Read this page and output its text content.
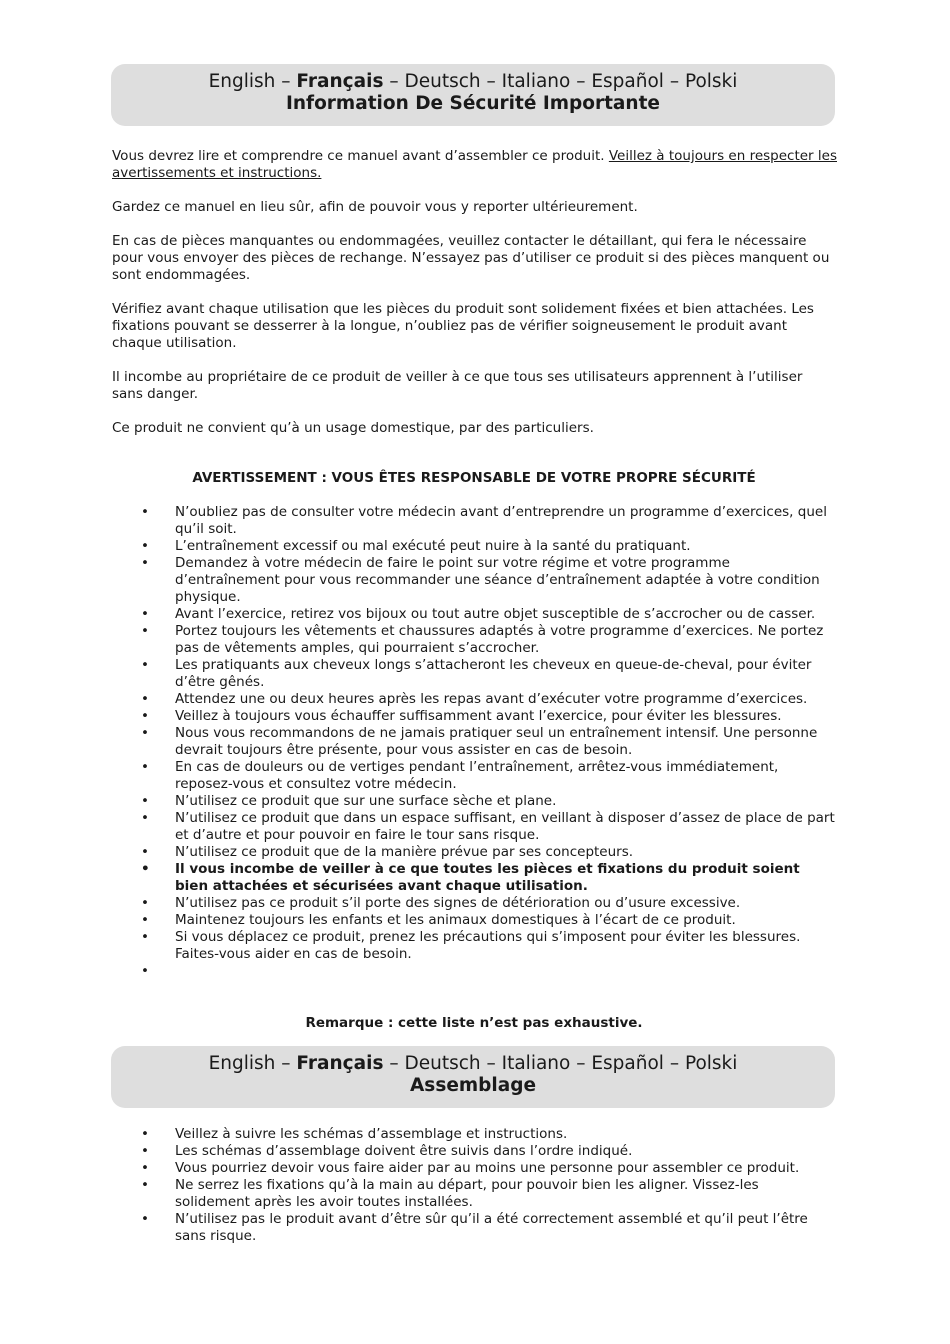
English – Français – Deutsch – Italiano – Español – Polski
Information De Sécurité Importante

Vous devrez lire et comprendre ce manuel avant d’assembler ce produit. Veillez à toujours en respecter les avertissements et instructions.

Gardez ce manuel en lieu sûr, afin de pouvoir vous y reporter ultérieurement.

En cas de pièces manquantes ou endommagées, veuillez contacter le détaillant, qui fera le nécessaire pour vous envoyer des pièces de rechange. N’essayez pas d’utiliser ce produit si des pièces manquent ou sont endommagées.

Vérifiez avant chaque utilisation que les pièces du produit sont solidement fixées et bien attachées. Les fixations pouvant se desserrer à la longue, n’oubliez pas de vérifier soigneusement le produit avant chaque utilisation.

Il incombe au propriétaire de ce produit de veiller à ce que tous ses utilisateurs apprennent à l’utiliser sans danger.

Ce produit ne convient qu’à un usage domestique, par des particuliers.

AVERTISSEMENT : VOUS ÊTES RESPONSABLE DE VOTRE PROPRE SÉCURITÉ
• N’oubliez pas de consulter votre médecin avant d’entreprendre un programme d’exercices, quel qu’il soit.
• L’entraînement excessif ou mal exécuté peut nuire à la santé du pratiquant.
• Demandez à votre médecin de faire le point sur votre régime et votre programme d’entraînement pour vous recommander une séance d’entraînement adaptée à votre condition physique.
• Avant l’exercice, retirez vos bijoux ou tout autre objet susceptible de s’accrocher ou de casser.
• Portez toujours les vêtements et chaussures adaptés à votre programme d’exercices. Ne portez pas de vêtements amples, qui pourraient s’accrocher.
• Les pratiquants aux cheveux longs s’attacheront les cheveux en queue-de-cheval, pour éviter d’être gênés.
• Attendez une ou deux heures après les repas avant d’exécuter votre programme d’exercices.
• Veillez à toujours vous échauffer suffisamment avant l’exercice, pour éviter les blessures.
• Nous vous recommandons de ne jamais pratiquer seul un entraînement intensif. Une personne devrait toujours être présente, pour vous assister en cas de besoin.
• En cas de douleurs ou de vertiges pendant l’entraînement, arrêtez-vous immédiatement, reposez-vous et consultez votre médecin.
• N’utilisez ce produit que sur une surface sèche et plane.
• N’utilisez ce produit que dans un espace suffisant, en veillant à disposer d’assez de place de part et d’autre et pour pouvoir en faire le tour sans risque.
• N’utilisez ce produit que de la manière prévue par ses concepteurs.
• Il vous incombe de veiller à ce que toutes les pièces et fixations du produit soient bien attachées et sécurisées avant chaque utilisation.
• N’utilisez pas ce produit s’il porte des signes de détérioration ou d’usure excessive.
• Maintenez toujours les enfants et les animaux domestiques à l’écart de ce produit.
• Si vous déplacez ce produit, prenez les précautions qui s’imposent pour éviter les blessures. Faites-vous aider en cas de besoin.
•
Remarque : cette liste n’est pas exhaustive.
English – Français – Deutsch – Italiano – Español – Polski
Assemblage
• Veillez à suivre les schémas d’assemblage et instructions.
• Les schémas d’assemblage doivent être suivis dans l’ordre indiqué.
• Vous pourriez devoir vous faire aider par au moins une personne pour assembler ce produit.
• Ne serrez les fixations qu’à la main au départ, pour pouvoir bien les aligner. Vissez-les solidement après les avoir toutes installées.
• N’utilisez pas le produit avant d’être sûr qu’il a été correctement assemblé et qu’il peut l’être sans risque.
